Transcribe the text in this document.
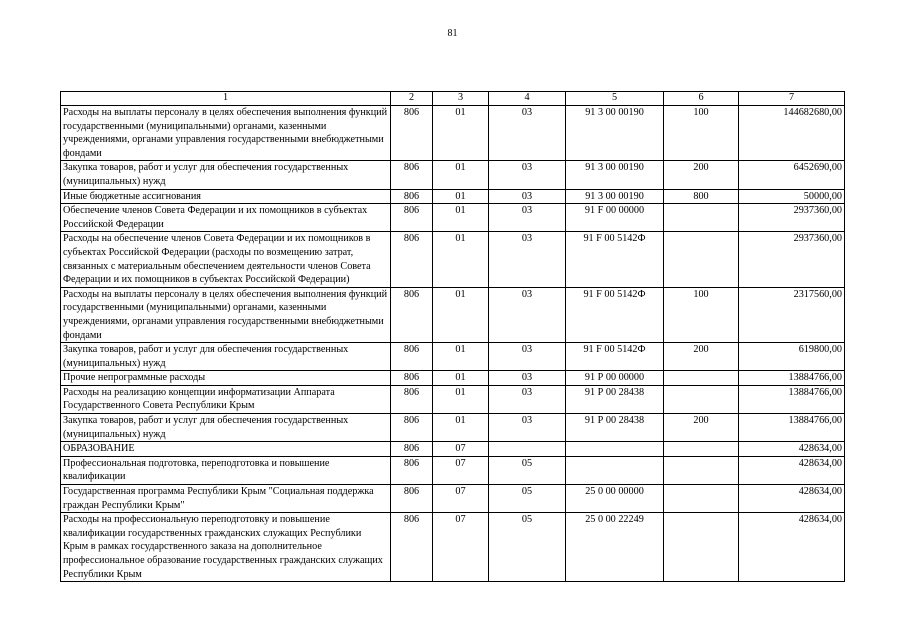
81
1	2	3	4	5	6	7
Расходы на выплаты персоналу в целях обеспечения выполнения функций государственными (муниципальными) органами, казенными учреждениями, органами управления государственными внебюджетными фондами	806	01	03	91 3 00 00190	100	144682680,00
Закупка товаров, работ и услуг для обеспечения государственных (муниципальных) нужд	806	01	03	91 3 00 00190	200	6452690,00
Иные бюджетные ассигнования	806	01	03	91 3 00 00190	800	50000,00
Обеспечение членов Совета Федерации и их помощников в субъектах Российской Федерации	806	01	03	91 F 00 00000		2937360,00
Расходы на обеспечение членов Совета Федерации и их помощников в субъектах Российской Федерации (расходы по возмещению затрат, связанных с материальным обеспечением деятельности членов Совета Федерации и их помощников в субъектах Российской Федерации)	806	01	03	91 F 00 5142Ф		2937360,00
Расходы на выплаты персоналу в целях обеспечения выполнения функций государственными (муниципальными) органами, казенными учреждениями, органами управления государственными внебюджетными фондами	806	01	03	91 F 00 5142Ф	100	2317560,00
Закупка товаров, работ и услуг для обеспечения государственных (муниципальных) нужд	806	01	03	91 F 00 5142Ф	200	619800,00
Прочие непрограммные расходы	806	01	03	91 Р 00 00000		13884766,00
Расходы на реализацию концепции информатизации Аппарата Государственного Совета Республики Крым	806	01	03	91 Р 00 28438		13884766,00
Закупка товаров, работ и услуг для обеспечения государственных (муниципальных) нужд	806	01	03	91 Р 00 28438	200	13884766,00
ОБРАЗОВАНИЕ	806	07				428634,00
Профессиональная подготовка, переподготовка и повышение квалификации	806	07	05			428634,00
Государственная программа Республики Крым "Социальная поддержка граждан Республики Крым"	806	07	05	25 0 00 00000		428634,00
Расходы на профессиональную переподготовку и повышение квалификации государственных гражданских служащих Республики Крым в рамках государственного заказа на дополнительное профессиональное образование государственных гражданских служащих Республики Крым	806	07	05	25 0 00 22249		428634,00
